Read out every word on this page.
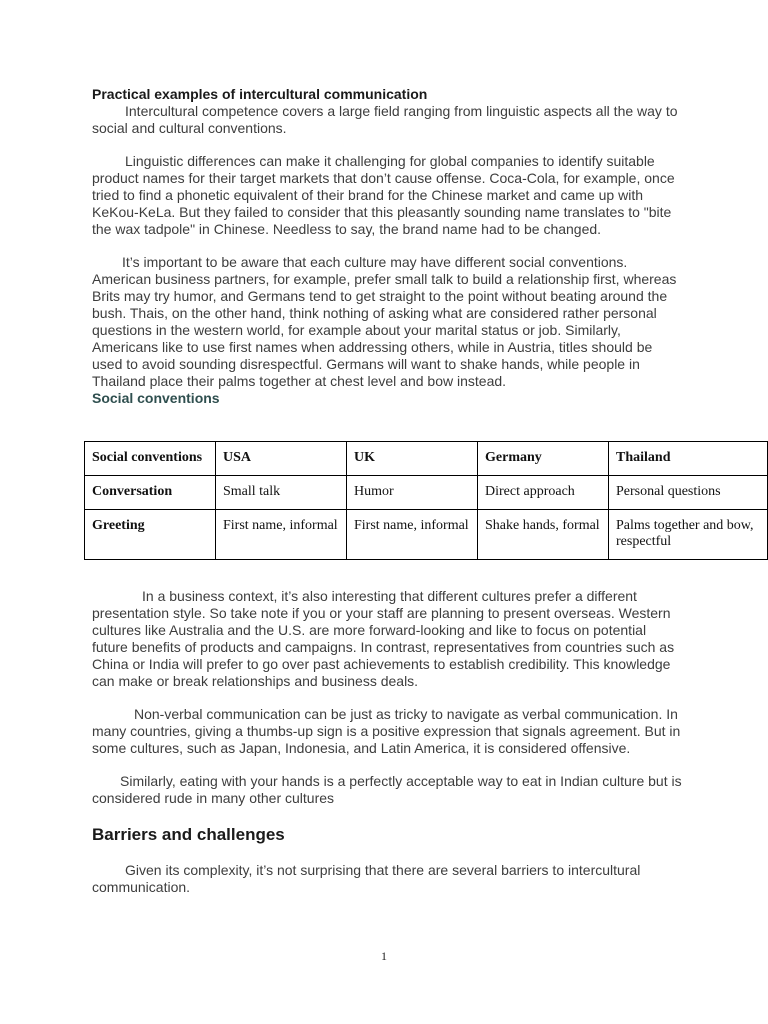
Practical examples of intercultural communication

Intercultural competence covers a large field ranging from linguistic aspects all the way to social and cultural conventions.

Linguistic differences can make it challenging for global companies to identify suitable product names for their target markets that don’t cause offense. Coca-Cola, for example, once tried to find a phonetic equivalent of their brand for the Chinese market and came up with KeKou-KeLa. But they failed to consider that this pleasantly sounding name translates to "bite the wax tadpole" in Chinese. Needless to say, the brand name had to be changed.

It’s important to be aware that each culture may have different social conventions. American business partners, for example, prefer small talk to build a relationship first, whereas Brits may try humor, and Germans tend to get straight to the point without beating around the bush. Thais, on the other hand, think nothing of asking what are considered rather personal questions in the western world, for example about your marital status or job. Similarly, Americans like to use first names when addressing others, while in Austria, titles should be used to avoid sounding disrespectful. Germans will want to shake hands, while people in Thailand place their palms together at chest level and bow instead.

Social conventions
Social conventions	USA	UK	Germany	Thailand
Conversation	Small talk	Humor	Direct approach	Personal questions
Greeting	First name, informal	First name, informal	Shake hands, formal	Palms together and bow, respectful

In a business context, it’s also interesting that different cultures prefer a different presentation style. So take note if you or your staff are planning to present overseas. Western cultures like Australia and the U.S. are more forward-looking and like to focus on potential future benefits of products and campaigns. In contrast, representatives from countries such as China or India will prefer to go over past achievements to establish credibility. This knowledge can make or break relationships and business deals.

Non-verbal communication can be just as tricky to navigate as verbal communication. In many countries, giving a thumbs-up sign is a positive expression that signals agreement. But in some cultures, such as Japan, Indonesia, and Latin America, it is considered offensive.

Similarly, eating with your hands is a perfectly acceptable way to eat in Indian culture but is considered rude in many other cultures

Barriers and challenges

Given its complexity, it’s not surprising that there are several barriers to intercultural communication.

1
